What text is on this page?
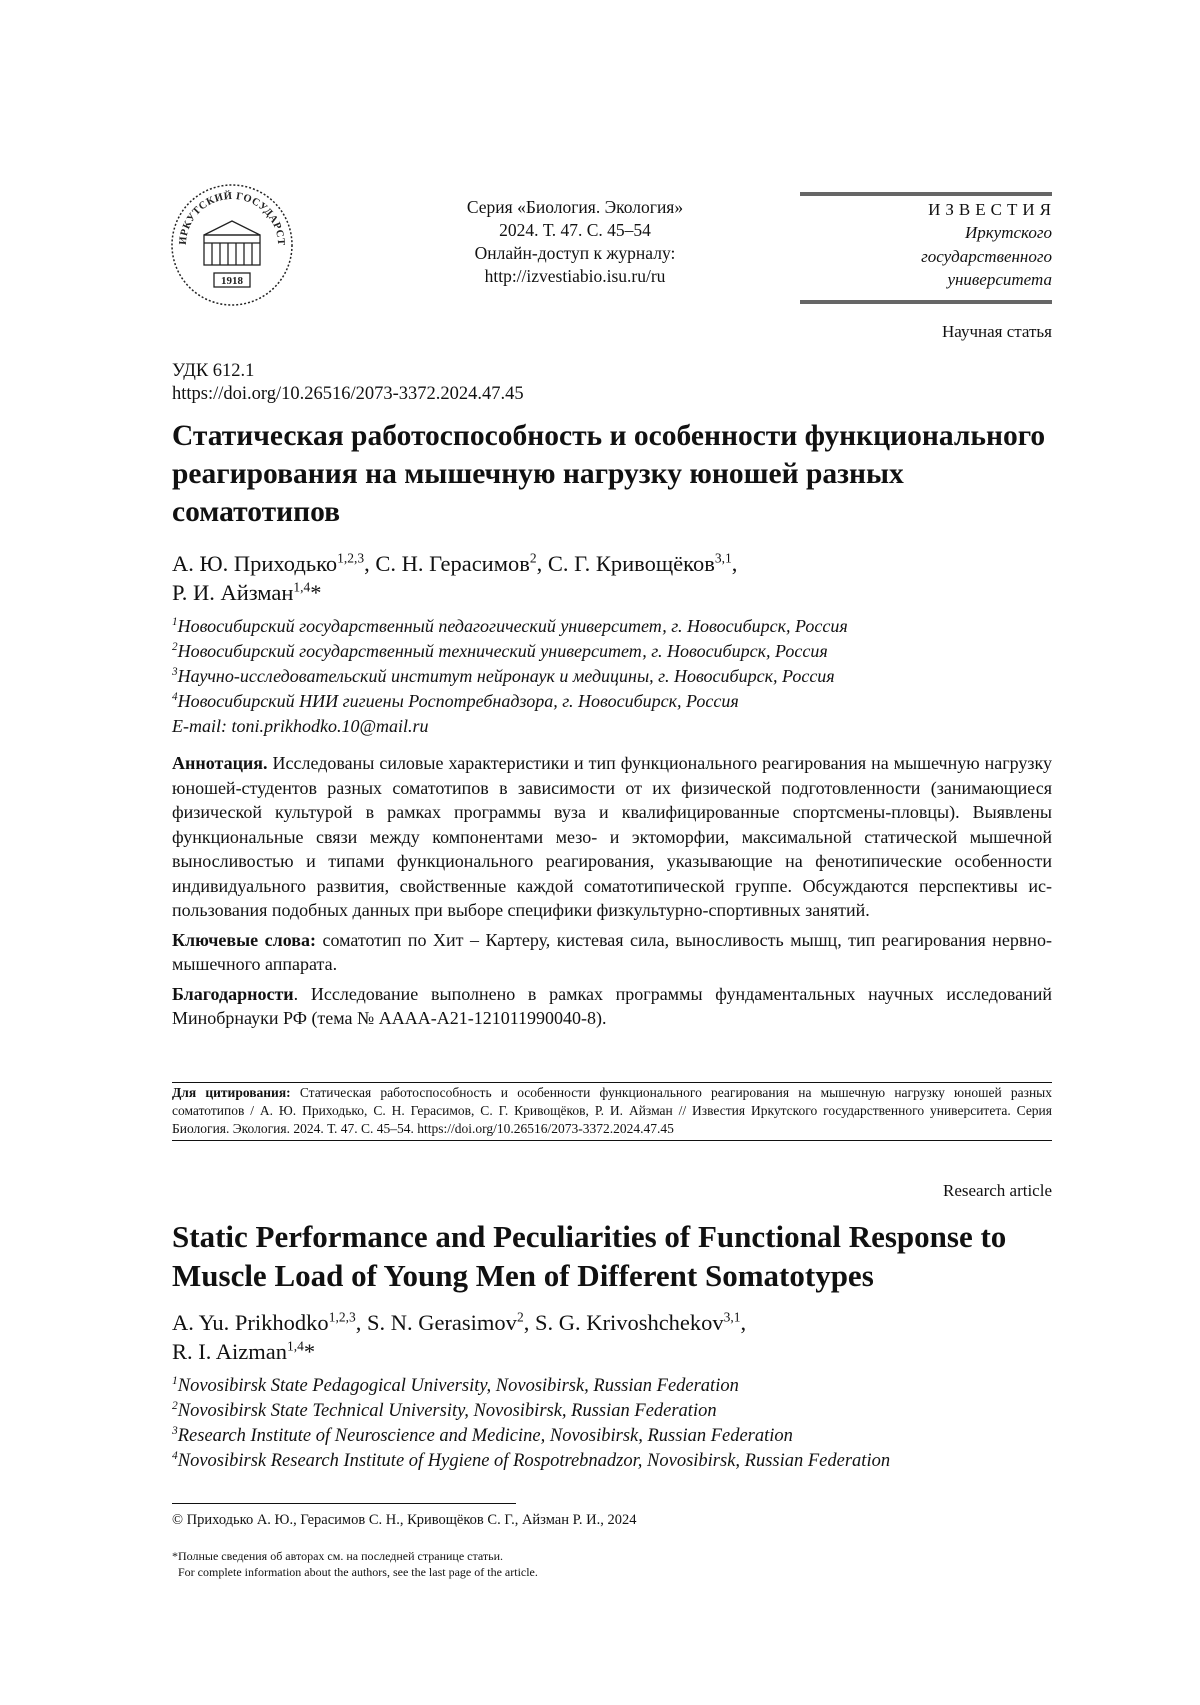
ИРКУТСКИЙ ГОСУДАРСТ
1918
Серия «Биология. Экология»
2024. Т. 47. С. 45–54
Онлайн-доступ к журналу:
http://izvestiabio.isu.ru/ru
ИЗВЕСТИЯ
Иркутского
государственного
университета
Научная статья
УДК 612.1
https://doi.org/10.26516/2073-3372.2024.47.45
Статическая работоспособность и особенности функционального реагирования на мышечную нагрузку юношей разных соматотипов
А. Ю. Приходько$^{1,2,3}$, С. Н. Герасимов$^2$, С. Г. Кривощёков$^{3,1}$,
Р. И. Айзман$^{1,4}$*
$^1$Новосибирский государственный педагогический университет, г. Новосибирск, Россия
$^2$Новосибирский государственный технический университет, г. Новосибирск, Россия
$^3$Научно-исследовательский институт нейронаук и медицины, г. Новосибирск, Россия
$^4$Новосибирский НИИ гигиены Роспотребнадзора, г. Новосибирск, Россия
E-mail: toni.prikhodko.10@mail.ru

Аннотация. Исследованы силовые характеристики и тип функционального реагирования на мышечную нагрузку юношей-студентов разных соматотипов в зависимости от их физической подготовленности (занимающиеся физической культурой в рамках программы вуза и квалифицированные спортсмены-пловцы). Выявлены функциональные связи между компонентами мезо- и эктоморфии, максимальной статической мышечной выносливостью и типами функционального реагирования, указывающие на фенотипические особенности индивидуального развития, свойственные каждой соматотипической группе. Обсуждаются перспективы использования подобных данных при выборе специфики физкультурно-спортивных занятий.

Ключевые слова: соматотип по Хит – Картеру, кистевая сила, выносливость мышц, тип реагирования нервно-мышечного аппарата.

Благодарности. Исследование выполнено в рамках программы фундаментальных научных исследований Минобрнауки РФ (тема № АААА-А21-121011990040-8).

Для цитирования: Статическая работоспособность и особенности функционального реагирования на мышечную нагрузку юношей разных соматотипов / А. Ю. Приходько, С. Н. Герасимов, С. Г. Кривощёков, Р. И. Айзман // Известия Иркутского государственного университета. Серия Биология. Экология. 2024. Т. 47. С. 45–54. https://doi.org/10.26516/2073-3372.2024.47.45
Research article
Static Performance and Peculiarities of Functional Response to Muscle Load of Young Men of Different Somatotypes
A. Yu. Prikhodko$^{1,2,3}$, S. N. Gerasimov$^2$, S. G. Krivoshchekov$^{3,1}$,
R. I. Aizman$^{1,4}$*
$^1$Novosibirsk State Pedagogical University, Novosibirsk, Russian Federation
$^2$Novosibirsk State Technical University, Novosibirsk, Russian Federation
$^3$Research Institute of Neuroscience and Medicine, Novosibirsk, Russian Federation
$^4$Novosibirsk Research Institute of Hygiene of Rospotrebnadzor, Novosibirsk, Russian Federation
© Приходько А. Ю., Герасимов С. Н., Кривощёков С. Г., Айзман Р. И., 2024
*Полные сведения об авторах см. на последней странице статьи.
For complete information about the authors, see the last page of the article.
